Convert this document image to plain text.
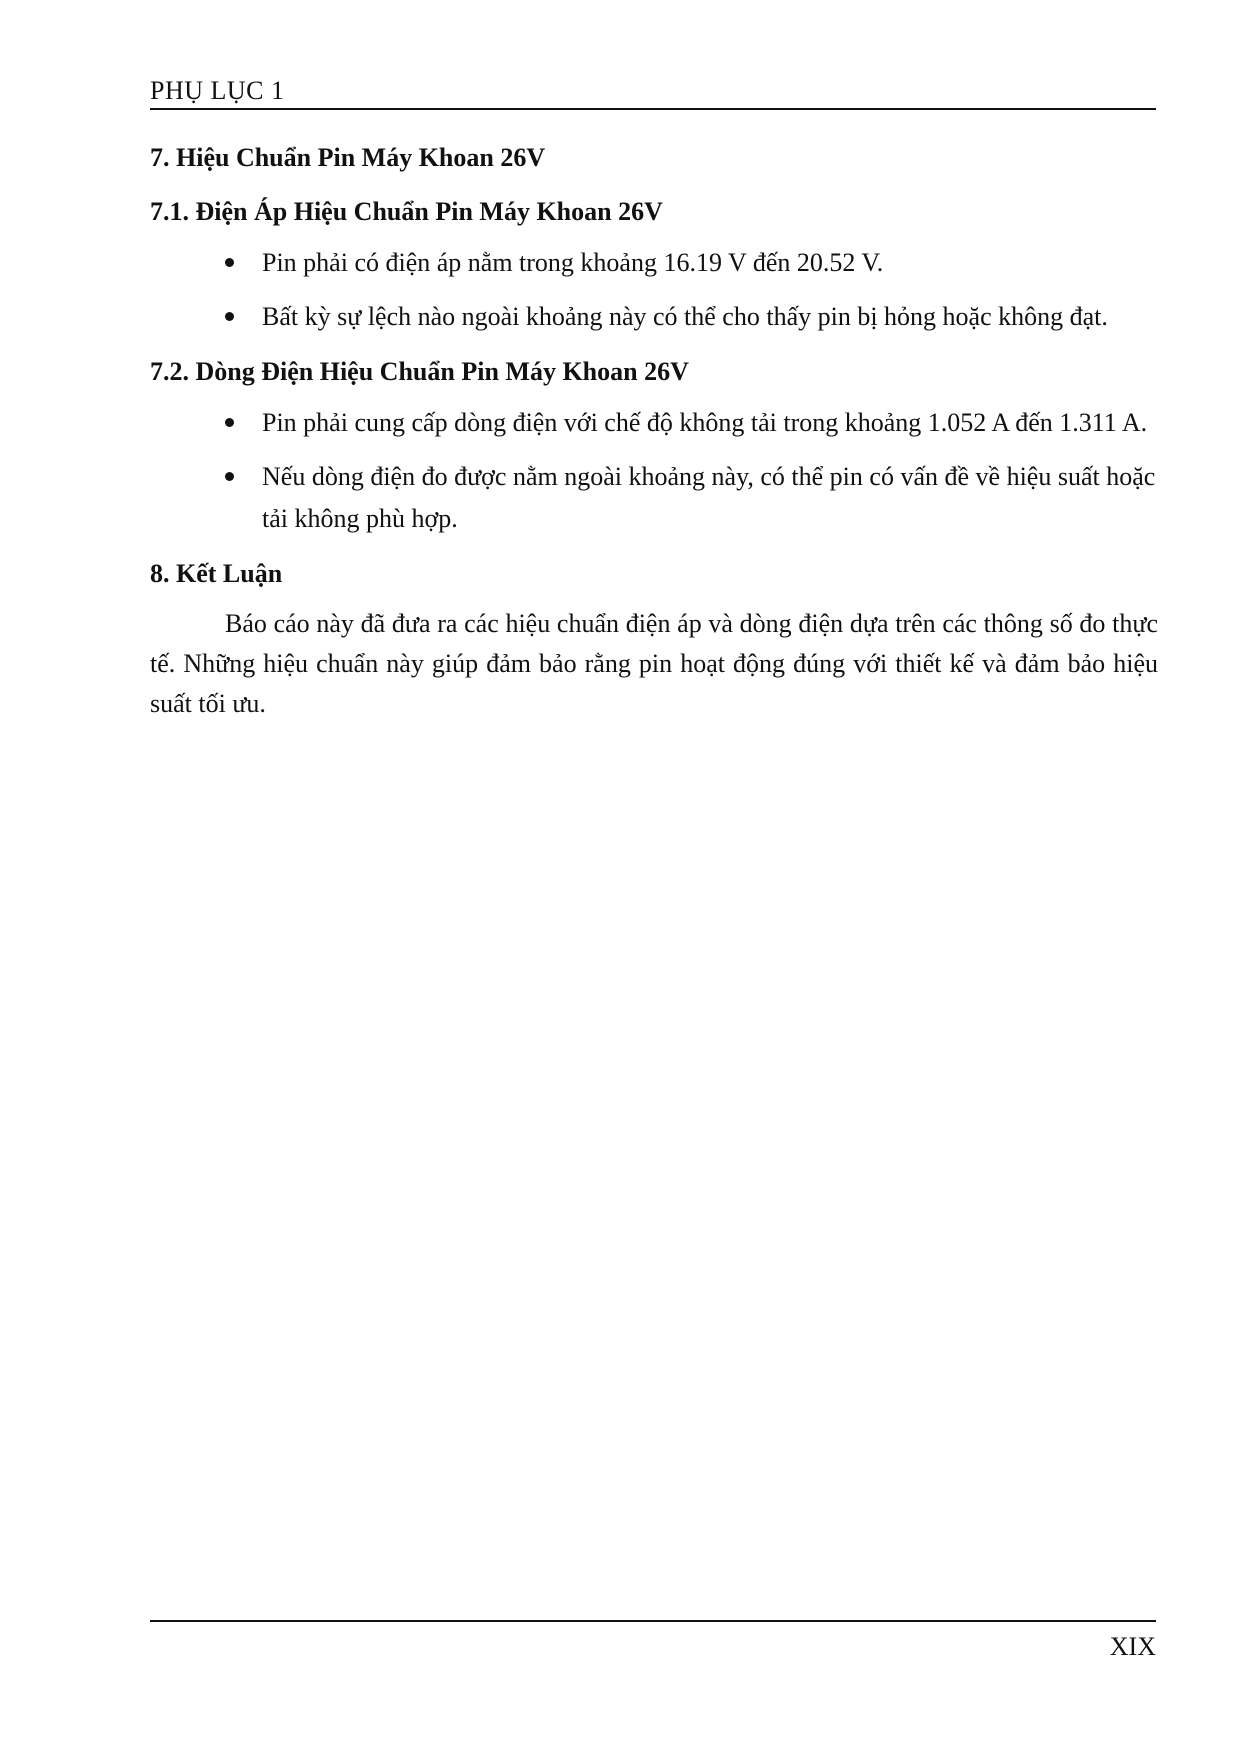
PHỤ LỤC 1
7. Hiệu Chuẩn Pin Máy Khoan 26V
7.1. Điện Áp Hiệu Chuẩn Pin Máy Khoan 26V
Pin phải có điện áp nằm trong khoảng 16.19 V đến 20.52 V.
Bất kỳ sự lệch nào ngoài khoảng này có thể cho thấy pin bị hỏng hoặc không đạt.
7.2. Dòng Điện Hiệu Chuẩn Pin Máy Khoan 26V
Pin phải cung cấp dòng điện với chế độ không tải trong khoảng 1.052 A đến 1.311 A.
Nếu dòng điện đo được nằm ngoài khoảng này, có thể pin có vấn đề về hiệu suất hoặc tải không phù hợp.
8. Kết Luận

Báo cáo này đã đưa ra các hiệu chuẩn điện áp và dòng điện dựa trên các thông số đo thực tế. Những hiệu chuẩn này giúp đảm bảo rằng pin hoạt động đúng với thiết kế và đảm bảo hiệu suất tối ưu.

XIX
